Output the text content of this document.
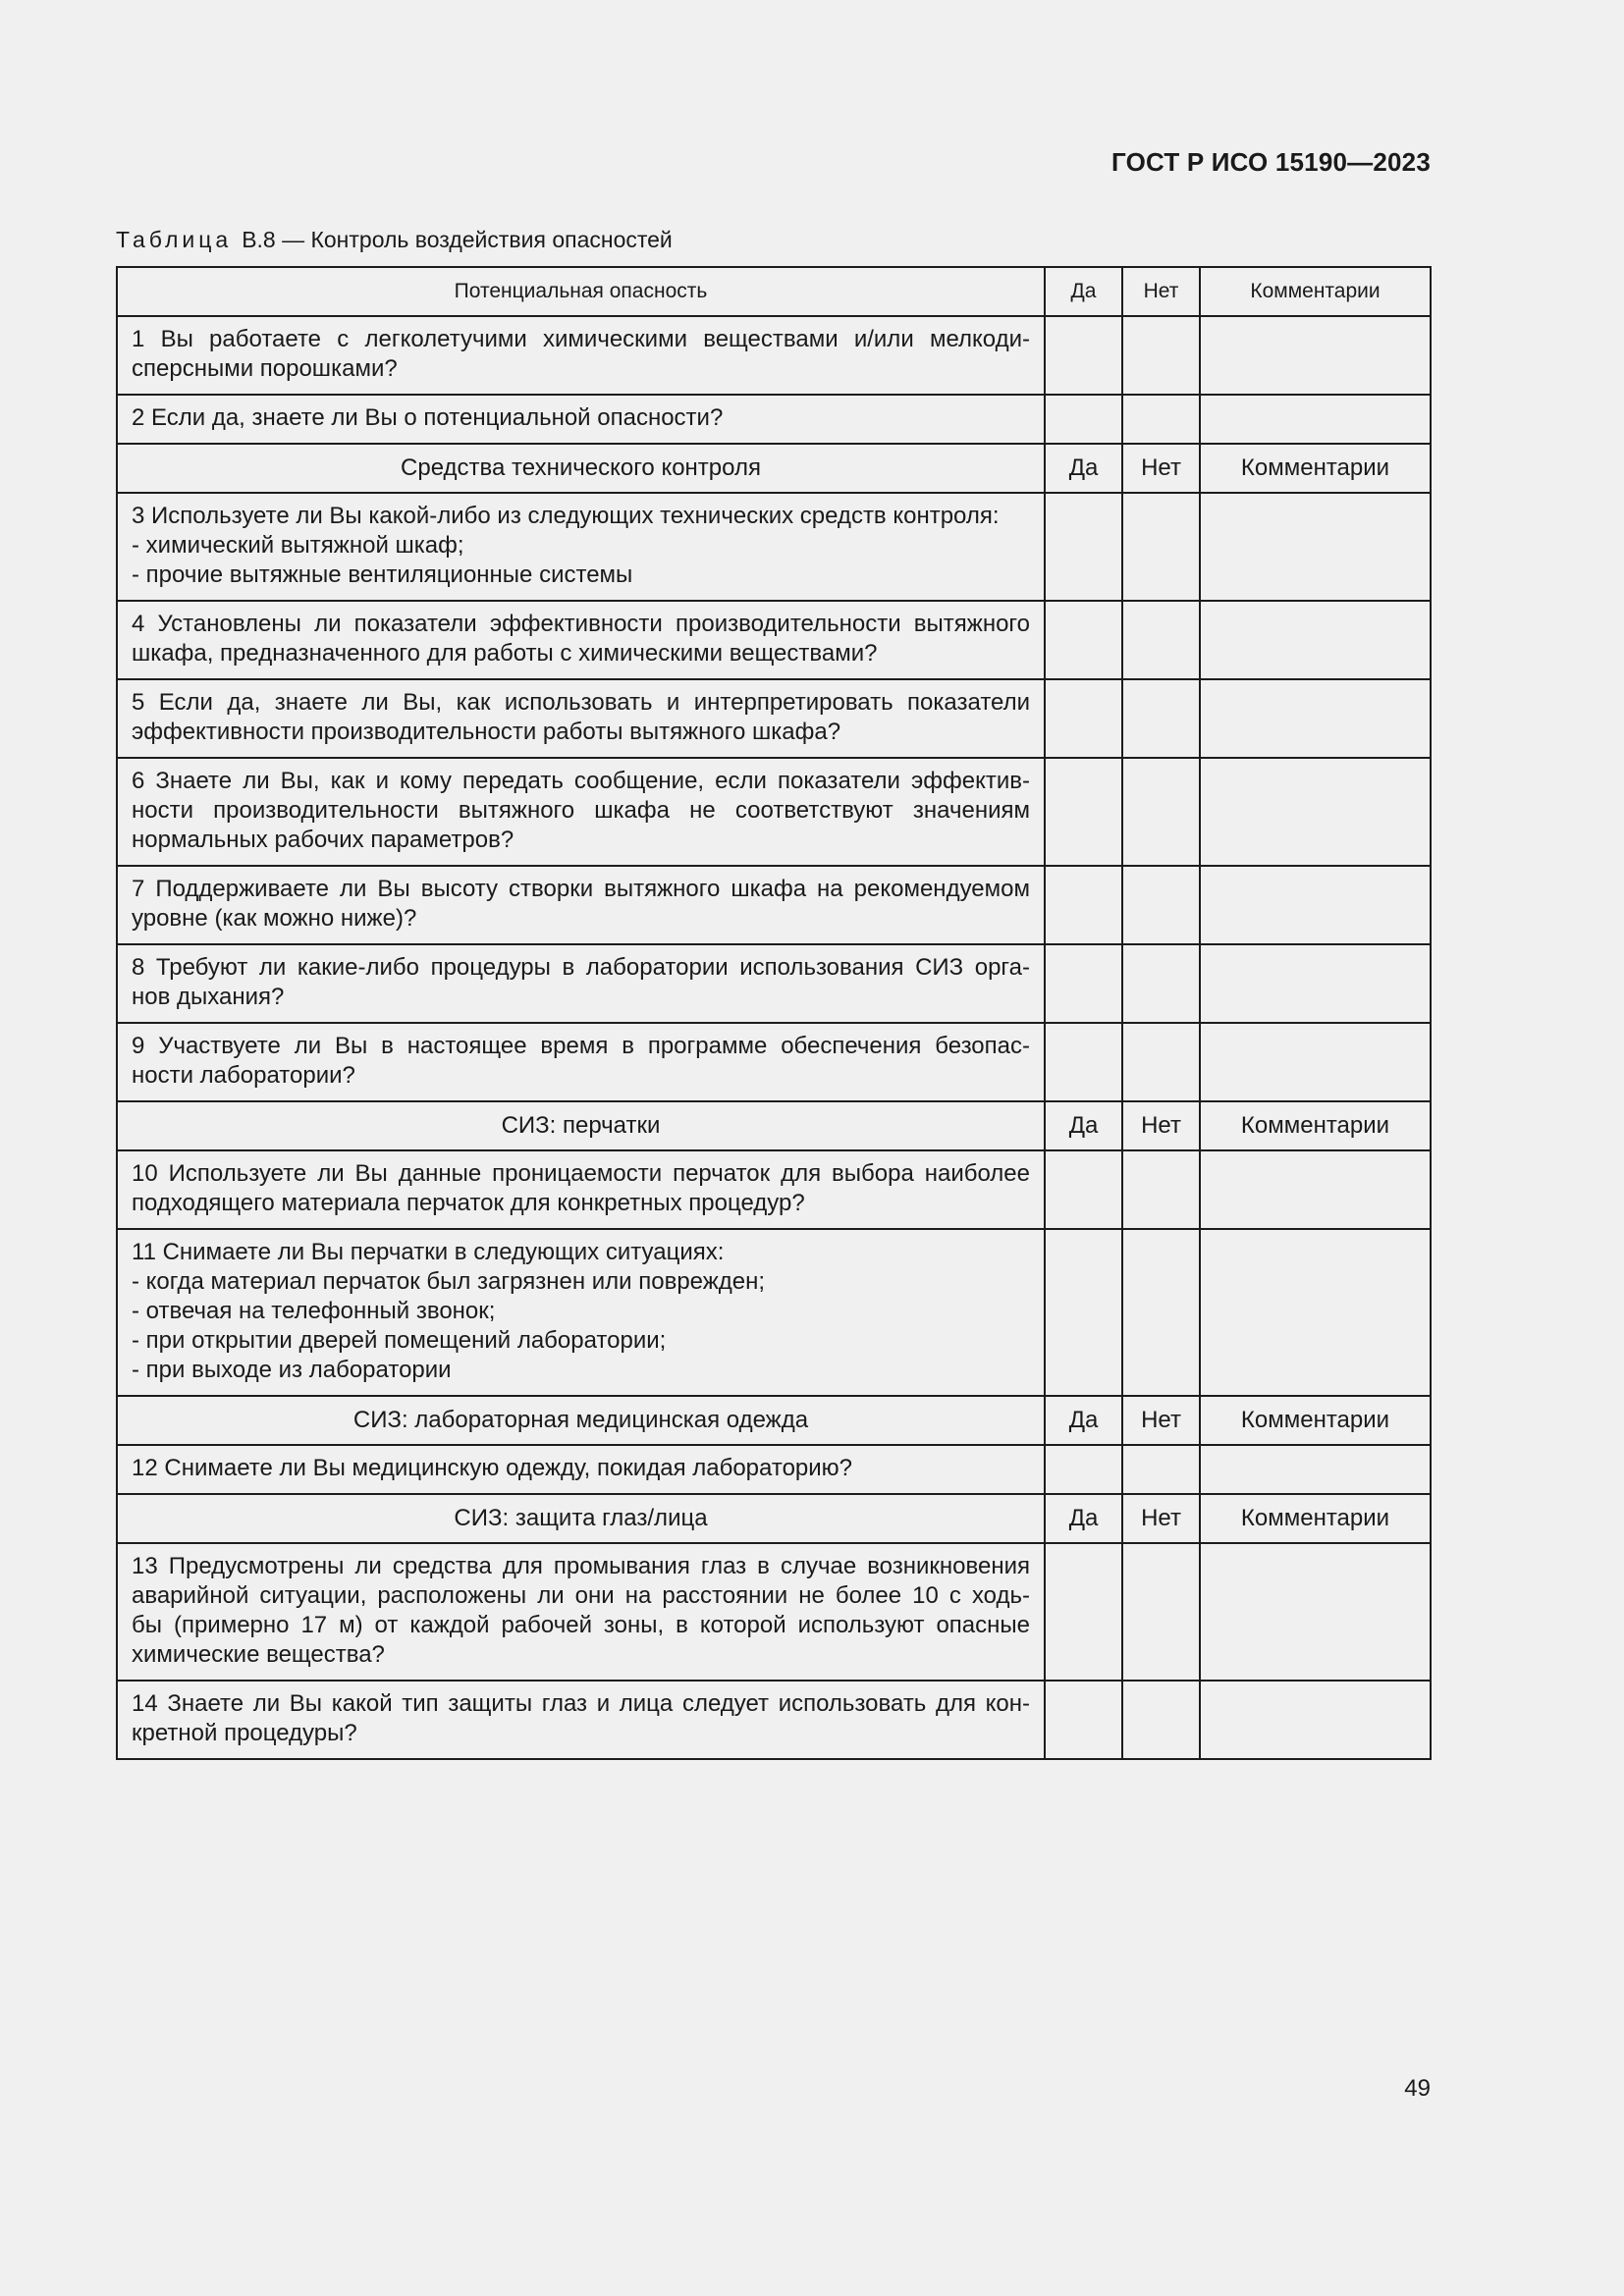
ГОСТ Р ИСО 15190—2023
Таблица В.8 — Контроль воздействия опасностей
Потенциальная опасность	Да	Нет	Комментарии
1 Вы работаете с легколетучими химическими веществами и/или мелкоди-
сперсными порошками?
2 Если да, знаете ли Вы о потенциальной опасности?
Средства технического контроля	Да	Нет	Комментарии
3 Используете ли Вы какой-либо из следующих технических средств контроля:
- химический вытяжной шкаф;
- прочие вытяжные вентиляционные системы
4 Установлены ли показатели эффективности производительности вытяжного
шкафа, предназначенного для работы с химическими веществами?
5 Если да, знаете ли Вы, как использовать и интерпретировать показатели
эффективности производительности работы вытяжного шкафа?
6 Знаете ли Вы, как и кому передать сообщение, если показатели эффектив-
ности производительности вытяжного шкафа не соответствуют значениям
нормальных рабочих параметров?
7 Поддерживаете ли Вы высоту створки вытяжного шкафа на рекомендуемом
уровне (как можно ниже)?
8 Требуют ли какие-либо процедуры в лаборатории использования СИЗ орга-
нов дыхания?
9 Участвуете ли Вы в настоящее время в программе обеспечения безопас-
ности лаборатории?
СИЗ: перчатки	Да	Нет	Комментарии
10 Используете ли Вы данные проницаемости перчаток для выбора наиболее
подходящего материала перчаток для конкретных процедур?
11 Снимаете ли Вы перчатки в следующих ситуациях:
- когда материал перчаток был загрязнен или поврежден;
- отвечая на телефонный звонок;
- при открытии дверей помещений лаборатории;
- при выходе из лаборатории
СИЗ: лабораторная медицинская одежда	Да	Нет	Комментарии
12 Снимаете ли Вы медицинскую одежду, покидая лабораторию?
СИЗ: защита глаз/лица	Да	Нет	Комментарии
13 Предусмотрены ли средства для промывания глаз в случае возникновения
аварийной ситуации, расположены ли они на расстоянии не более 10 с ходь-
бы (примерно 17 м) от каждой рабочей зоны, в которой используют опасные
химические вещества?
14 Знаете ли Вы какой тип защиты глаз и лица следует использовать для кон-
кретной процедуры?
49
